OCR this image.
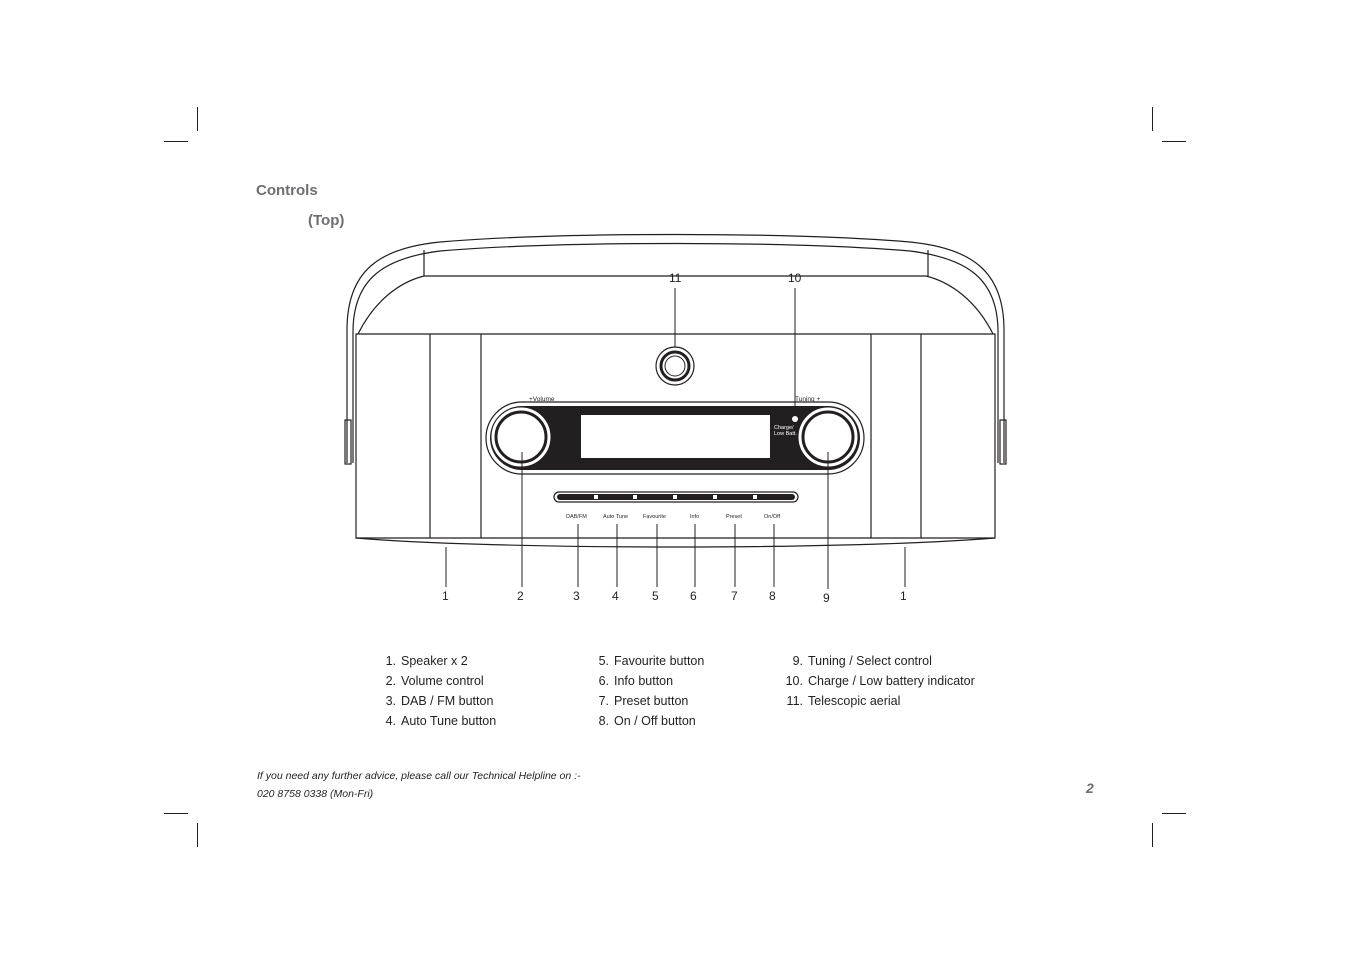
Controls
(Top)
Charge/
Low Batt.
+Volume	Tuning +
-	-
DAB/FM	Auto Tune	Favourite	Info	Preset	On/Off
11	10
1	2	3	4	5	6	7	8	9	1
1. Speaker x 2
2. Volume control
3. DAB / FM button
4. Auto Tune button
5. Favourite button
6. Info button
7. Preset button
8. On / Off button
9. Tuning / Select control
10. Charge / Low battery indicator
11. Telescopic aerial
If you need any further advice, please call our Technical Helpline on :-
020 8758 0338 (Mon-Fri)	2
